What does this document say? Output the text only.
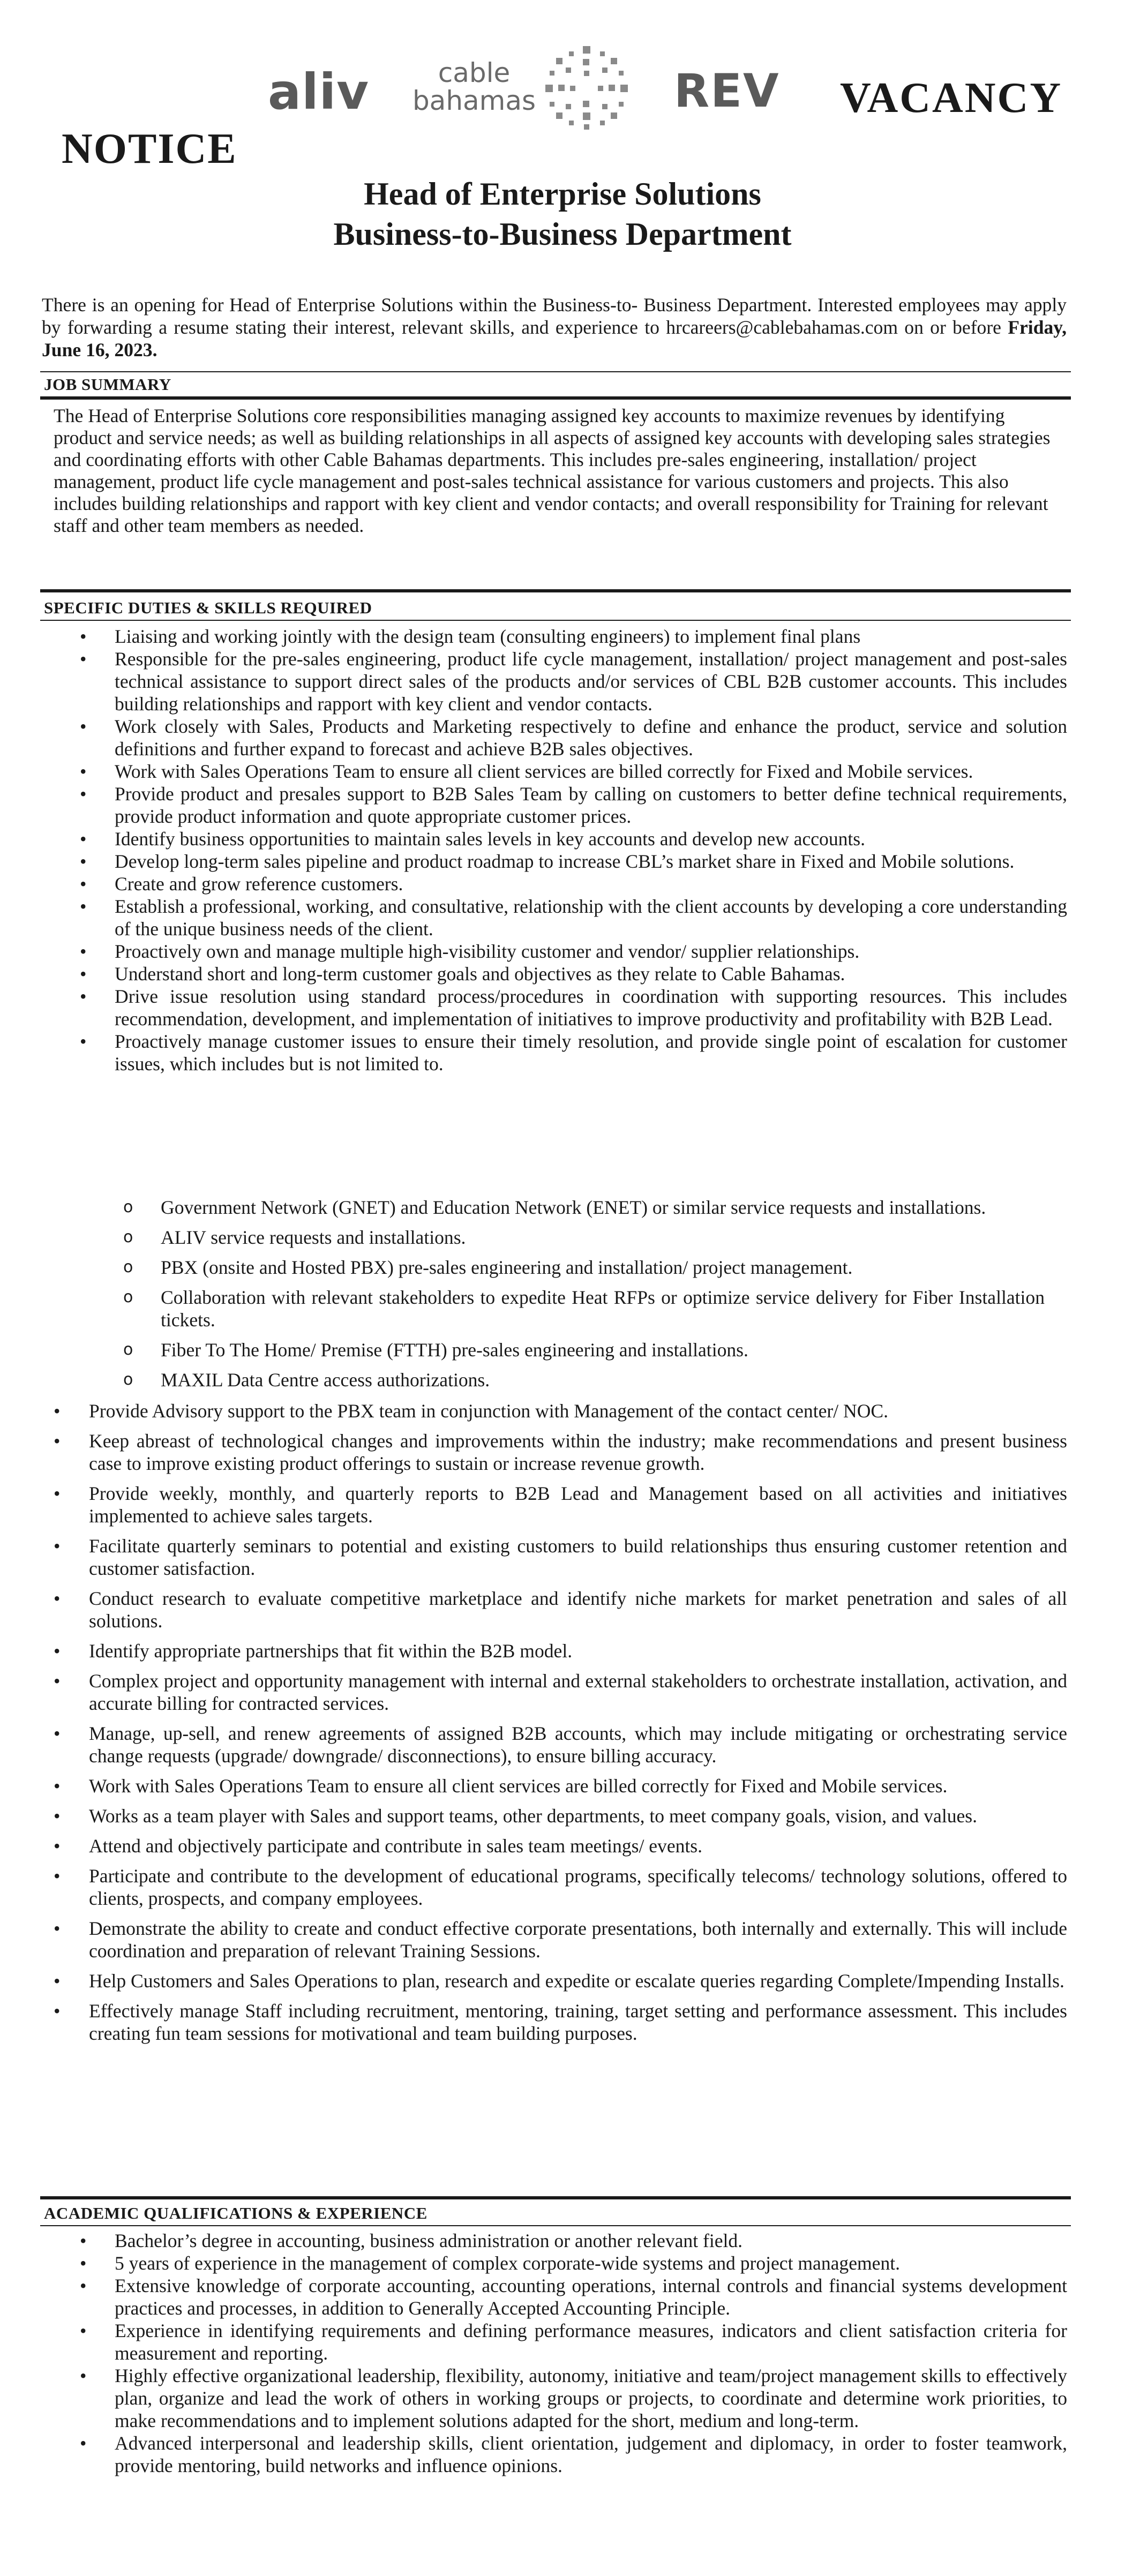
aliv	cable
bahamas	REV VACANCY
NOTICE
Head of Enterprise Solutions
Business-to-Business Department
There is an opening for Head of Enterprise Solutions within the Business-to- Business Department. Interested employees may apply by forwarding a resume stating their interest, relevant skills, and experience to hrcareers@cablebahamas.com on or before Friday, June 16, 2023.
JOB SUMMARY
The Head of Enterprise Solutions core responsibilities managing assigned key accounts to maximize revenues by identifying product and service needs; as well as building relationships in all aspects of assigned key accounts with developing sales strategies and coordinating efforts with other Cable Bahamas departments. This includes pre-sales engineering, installation/ project management, product life cycle management and post-sales technical assistance for various customers and projects. This also includes building relationships and rapport with key client and vendor contacts; and overall responsibility for Training for relevant staff and other team members as needed.
SPECIFIC DUTIES & SKILLS REQUIRED
• Liaising and working jointly with the design team (consulting engineers) to implement final plans
• Responsible for the pre-sales engineering, product life cycle management, installation/ project management and post-sales technical assistance to support direct sales of the products and/or services of CBL B2B customer accounts. This includes building relationships and rapport with key client and vendor contacts.
• Work closely with Sales, Products and Marketing respectively to define and enhance the product, service and solution definitions and further expand to forecast and achieve B2B sales objectives.
• Work with Sales Operations Team to ensure all client services are billed correctly for Fixed and Mobile services.
• Provide product and presales support to B2B Sales Team by calling on customers to better define technical requirements, provide product information and quote appropriate customer prices.
• Identify business opportunities to maintain sales levels in key accounts and develop new accounts.
• Develop long-term sales pipeline and product roadmap to increase CBL’s market share in Fixed and Mobile solutions.
• Create and grow reference customers.
• Establish a professional, working, and consultative, relationship with the client accounts by developing a core understanding of the unique business needs of the client.
• Proactively own and manage multiple high-visibility customer and vendor/ supplier relationships.
• Understand short and long-term customer goals and objectives as they relate to Cable Bahamas.
• Drive issue resolution using standard process/procedures in coordination with supporting resources. This includes recommendation, development, and implementation of initiatives to improve productivity and profitability with B2B Lead.
• Proactively manage customer issues to ensure their timely resolution, and provide single point of escalation for customer issues, which includes but is not limited to.
o Government Network (GNET) and Education Network (ENET) or similar service requests and installations.
o ALIV service requests and installations.
o PBX (onsite and Hosted PBX) pre-sales engineering and installation/ project management.
o Collaboration with relevant stakeholders to expedite Heat RFPs or optimize service delivery for Fiber Installation tickets.
o Fiber To The Home/ Premise (FTTH) pre-sales engineering and installations.
o MAXIL Data Centre access authorizations.
• Provide Advisory support to the PBX team in conjunction with Management of the contact center/ NOC.
• Keep abreast of technological changes and improvements within the industry; make recommendations and present business case to improve existing product offerings to sustain or increase revenue growth.
• Provide weekly, monthly, and quarterly reports to B2B Lead and Management based on all activities and initiatives implemented to achieve sales targets.
• Facilitate quarterly seminars to potential and existing customers to build relationships thus ensuring customer retention and customer satisfaction.
• Conduct research to evaluate competitive marketplace and identify niche markets for market penetration and sales of all solutions.
• Identify appropriate partnerships that fit within the B2B model.
• Complex project and opportunity management with internal and external stakeholders to orchestrate installation, activation, and accurate billing for contracted services.
• Manage, up-sell, and renew agreements of assigned B2B accounts, which may include mitigating or orchestrating service change requests (upgrade/ downgrade/ disconnections), to ensure billing accuracy.
• Work with Sales Operations Team to ensure all client services are billed correctly for Fixed and Mobile services.
• Works as a team player with Sales and support teams, other departments, to meet company goals, vision, and values.
• Attend and objectively participate and contribute in sales team meetings/ events.
• Participate and contribute to the development of educational programs, specifically telecoms/ technology solutions, offered to clients, prospects, and company employees.
• Demonstrate the ability to create and conduct effective corporate presentations, both internally and externally. This will include coordination and preparation of relevant Training Sessions.
• Help Customers and Sales Operations to plan, research and expedite or escalate queries regarding Complete/Impending Installs.
• Effectively manage Staff including recruitment, mentoring, training, target setting and performance assessment. This includes creating fun team sessions for motivational and team building purposes.
ACADEMIC QUALIFICATIONS & EXPERIENCE
• Bachelor’s degree in accounting, business administration or another relevant field.
• 5 years of experience in the management of complex corporate-wide systems and project management.
• Extensive knowledge of corporate accounting, accounting operations, internal controls and financial systems development practices and processes, in addition to Generally Accepted Accounting Principle.
• Experience in identifying requirements and defining performance measures, indicators and client satisfaction criteria for measurement and reporting.
• Highly effective organizational leadership, flexibility, autonomy, initiative and team/project management skills to effectively plan, organize and lead the work of others in working groups or projects, to coordinate and determine work priorities, to make recommendations and to implement solutions adapted for the short, medium and long-term.
• Advanced interpersonal and leadership skills, client orientation, judgement and diplomacy, in order to foster teamwork, provide mentoring, build networks and influence opinions.
